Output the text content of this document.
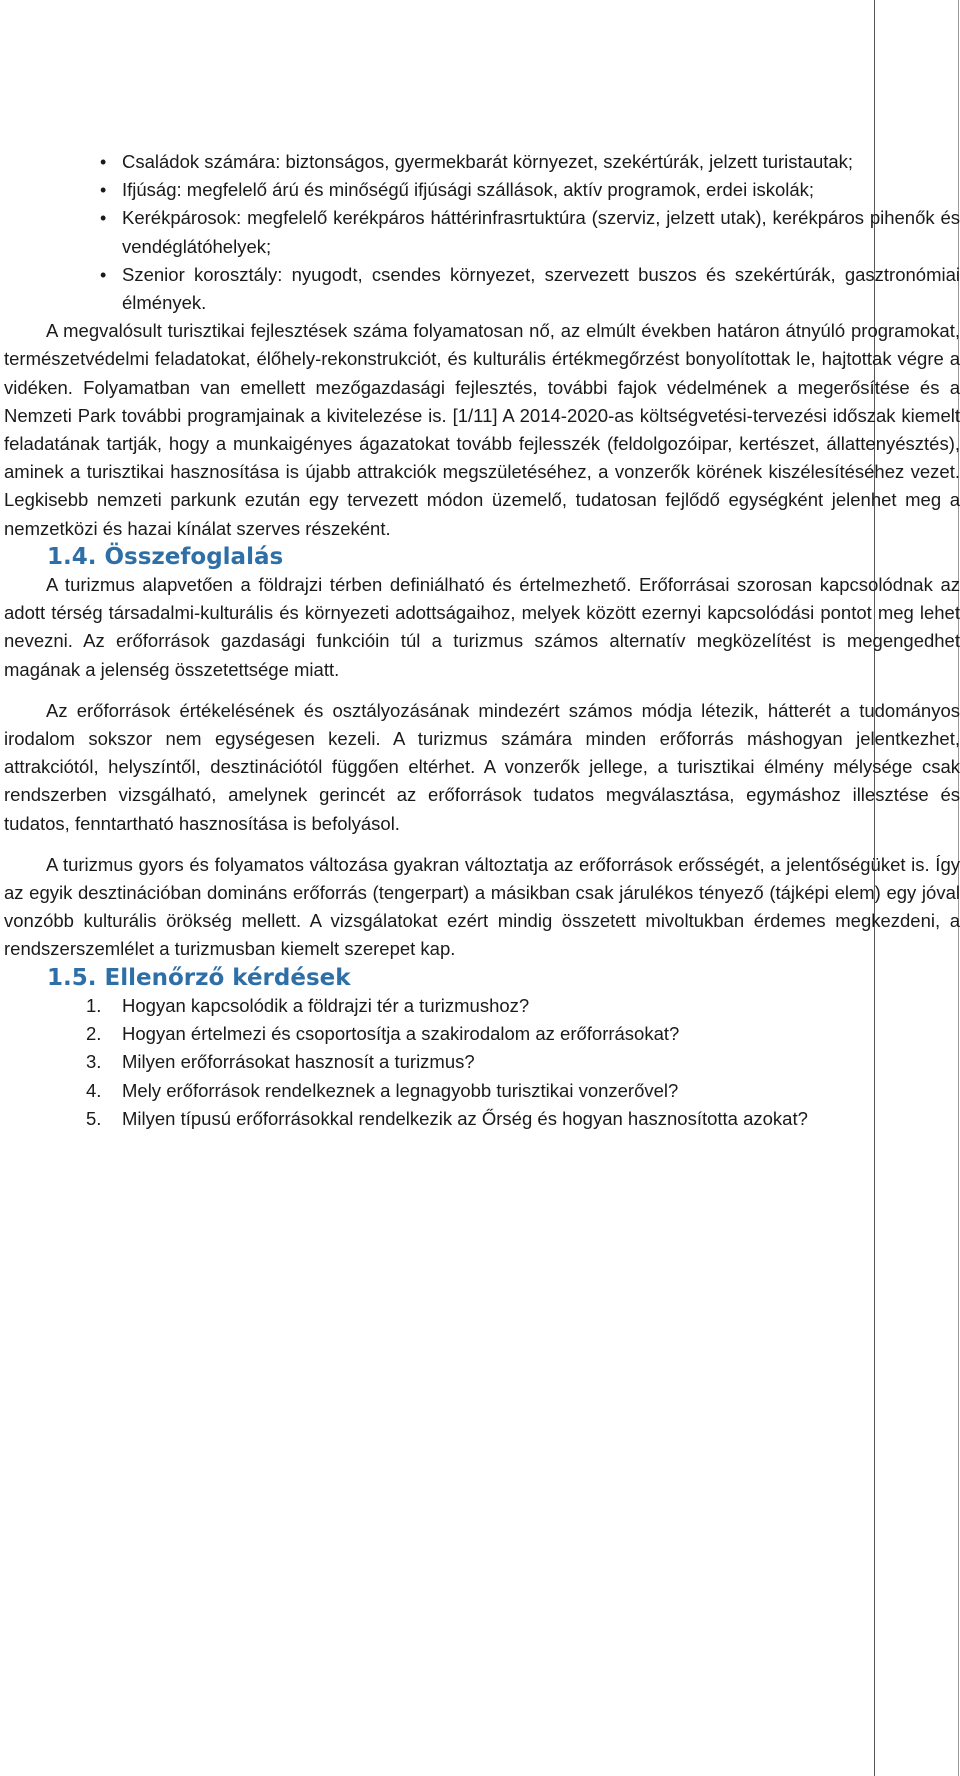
• Családok számára: biztonságos, gyermekbarát környezet, szekértúrák, jelzett turistautak;
• Ifjúság: megfelelő árú és minőségű ifjúsági szállások, aktív programok, erdei iskolák;
• Kerékpárosok: megfelelő kerékpáros háttérinfrasrtuktúra (szerviz, jelzett utak), kerékpáros pihenők és vendéglátóhelyek;
• Szenior korosztály: nyugodt, csendes környezet, szervezett buszos és szekértúrák, gasztronómiai élmények.

A megvalósult turisztikai fejlesztések száma folyamatosan nő, az elmúlt években határon átnyúló programokat, természetvédelmi feladatokat, élőhely-rekonstrukciót, és kulturális értékmegőrzést bonyolítottak le, hajtottak végre a vidéken. Folyamatban van emellett mezőgazdasági fejlesztés, további fajok védelmének a megerősítése és a Nemzeti Park további programjainak a kivitelezése is. [1/11] A 2014-2020-as költségvetési-tervezési időszak kiemelt feladatának tartják, hogy a munkaigényes ágazatokat tovább fejlesszék (feldolgozóipar, kertészet, állattenyésztés), aminek a turisztikai hasznosítása is újabb attrakciók megszületéséhez, a vonzerők körének kiszélesítéséhez vezet. Legkisebb nemzeti parkunk ezután egy tervezett módon üzemelő, tudatosan fejlődő egységként jelenhet meg a nemzetközi és hazai kínálat szerves részeként.

1.4. Összefoglalás

A turizmus alapvetően a földrajzi térben definiálható és értelmezhető. Erőforrásai szorosan kapcsolódnak az adott térség társadalmi-kulturális és környezeti adottságaihoz, melyek között ezernyi kapcsolódási pontot meg lehet nevezni. Az erőforrások gazdasági funkcióin túl a turizmus számos alternatív megközelítést is megengedhet magának a jelenség összetettsége miatt.

Az erőforrások értékelésének és osztályozásának mindezért számos módja létezik, hátterét a tudományos irodalom sokszor nem egységesen kezeli. A turizmus számára minden erőforrás máshogyan jelentkezhet, attrakciótól, helyszíntől, desztinációtól függően eltérhet. A vonzerők jellege, a turisztikai élmény mélysége csak rendszerben vizsgálható, amelynek gerincét az erőforrások tudatos megválasztása, egymáshoz illesztése és tudatos, fenntartható hasznosítása is befolyásol.

A turizmus gyors és folyamatos változása gyakran változtatja az erőforrások erősségét, a jelentőségüket is. Így az egyik desztinációban domináns erőforrás (tengerpart) a másikban csak járulékos tényező (tájképi elem) egy jóval vonzóbb kulturális örökség mellett. A vizsgálatokat ezért mindig összetett mivoltukban érdemes megkezdeni, a rendszerszemlélet a turizmusban kiemelt szerepet kap.

1.5. Ellenőrző kérdések
1. Hogyan kapcsolódik a földrajzi tér a turizmushoz?
2. Hogyan értelmezi és csoportosítja a szakirodalom az erőforrásokat?
3. Milyen erőforrásokat hasznosít a turizmus?
4. Mely erőforrások rendelkeznek a legnagyobb turisztikai vonzerővel?
5. Milyen típusú erőforrásokkal rendelkezik az Őrség és hogyan hasznosította azokat?
